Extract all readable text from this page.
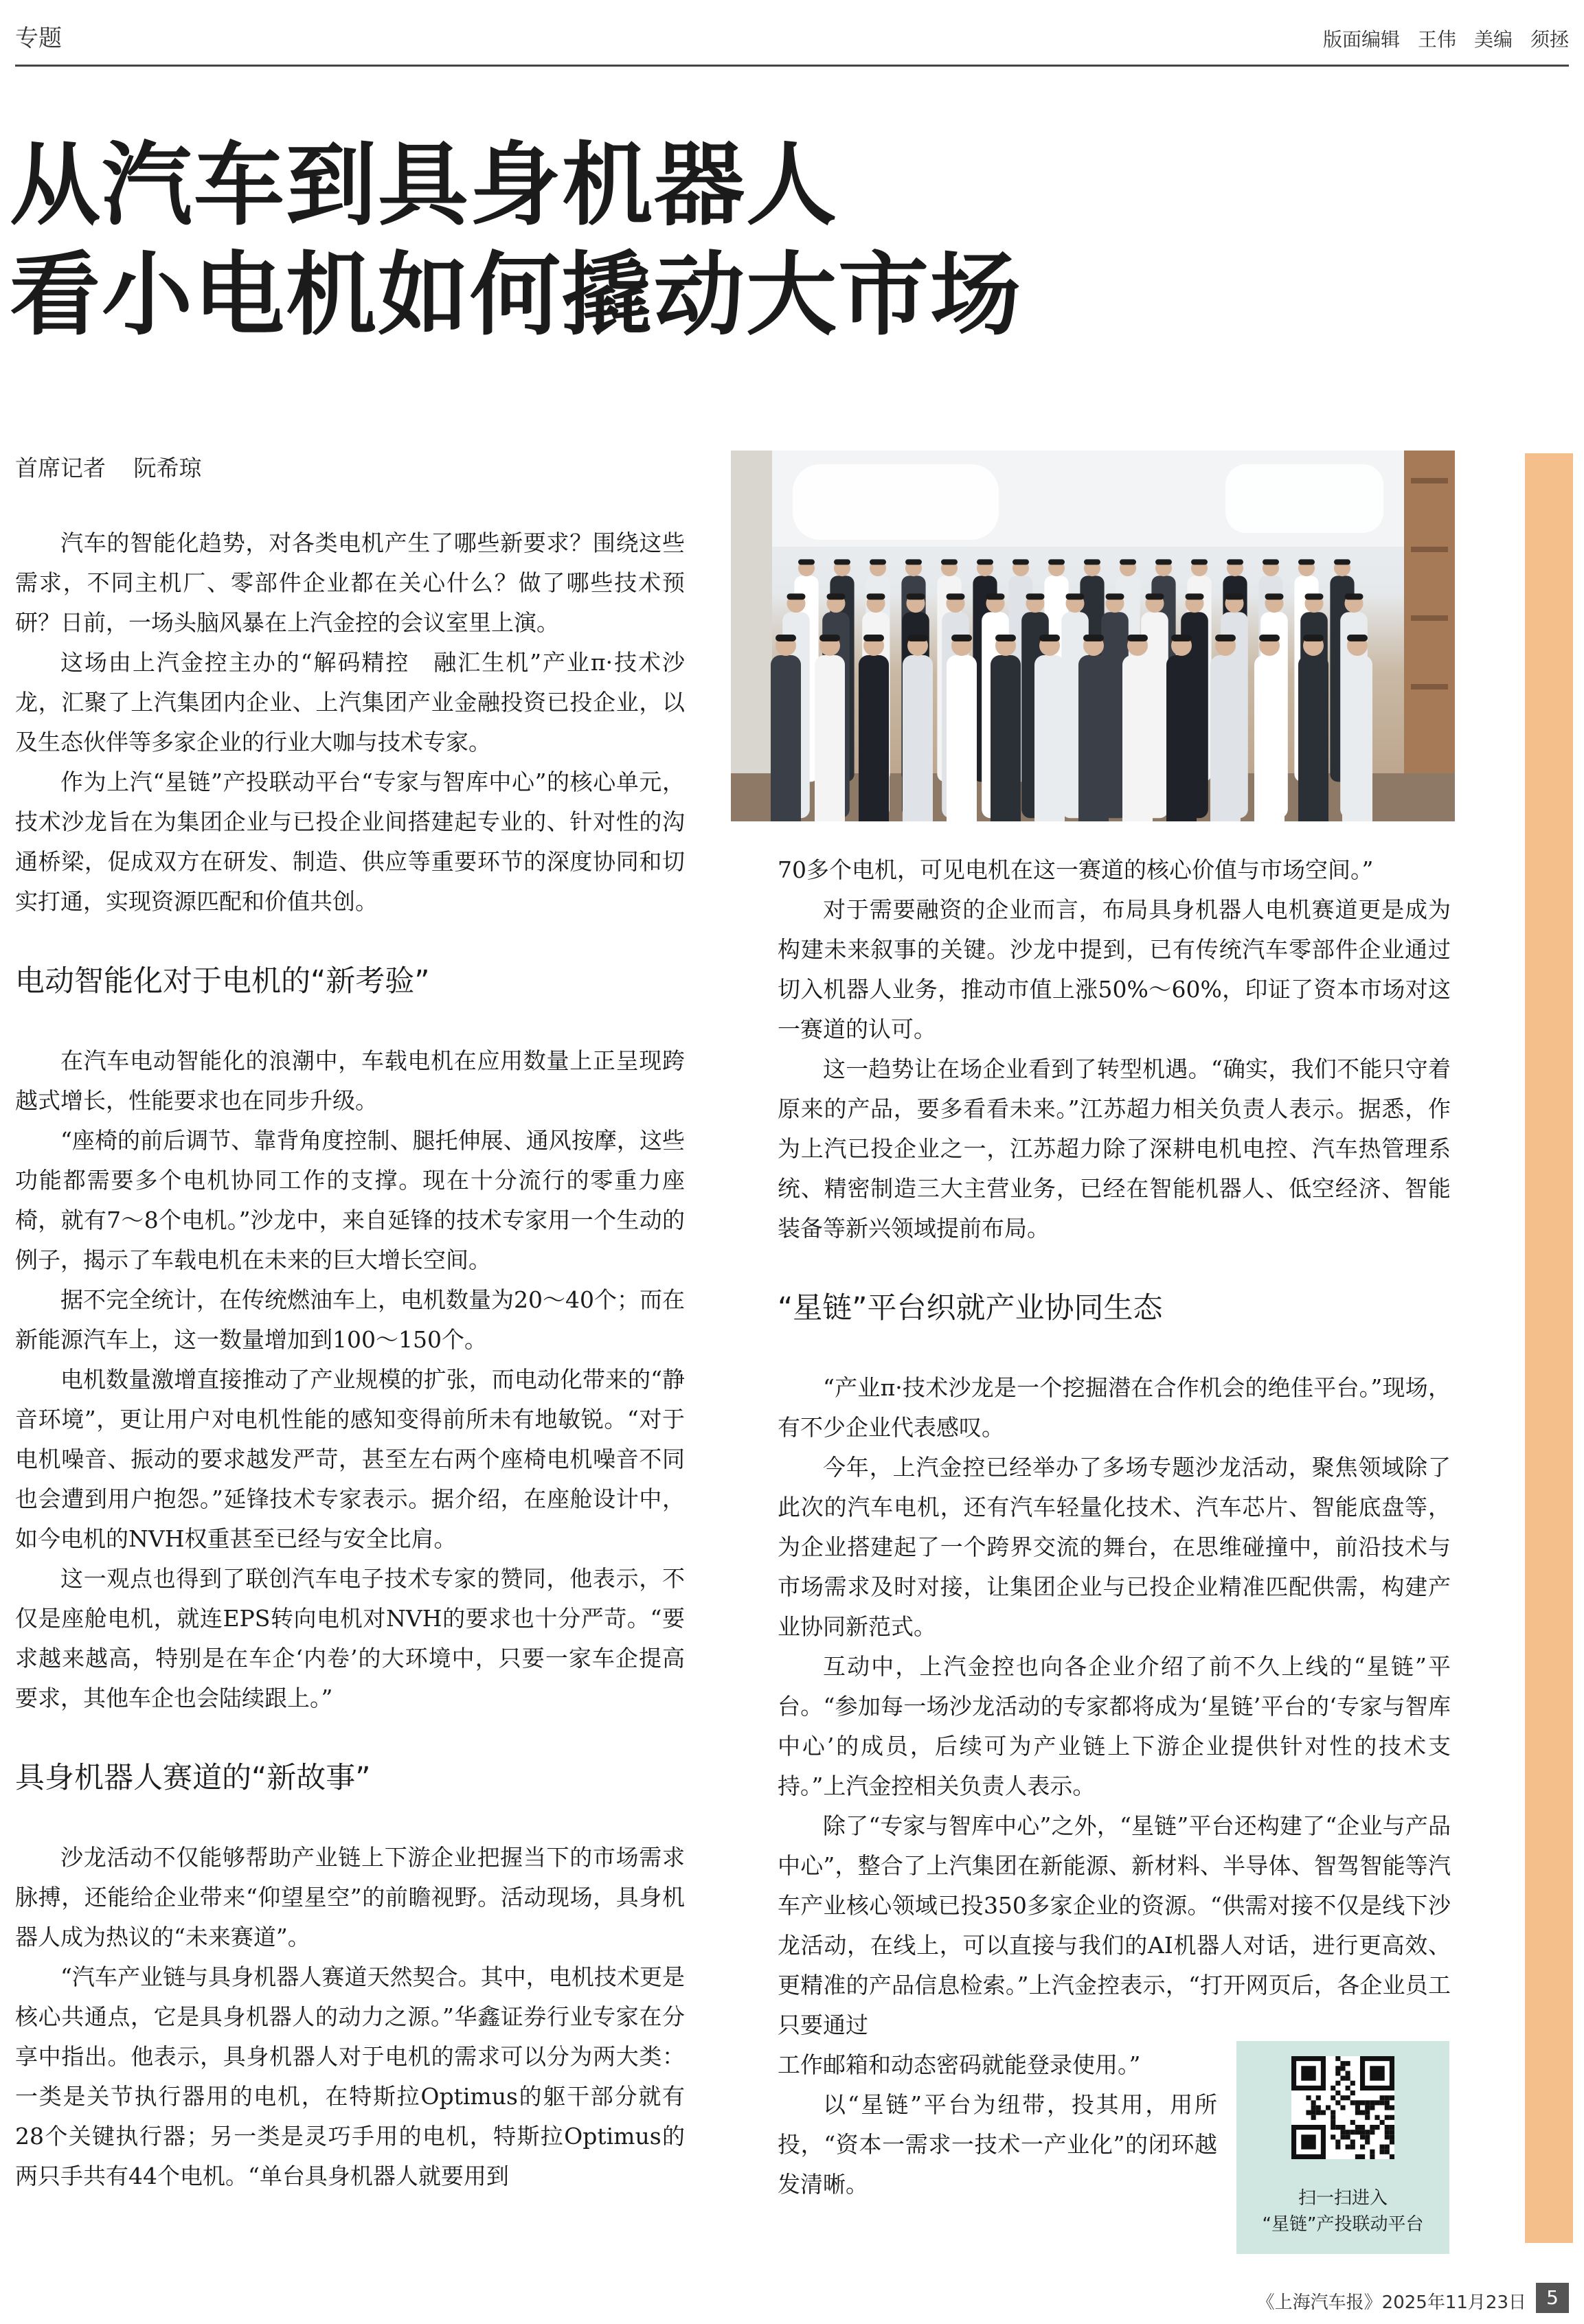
专题	版面编辑 王伟 美编 须拯
从汽车到具身机器人
看小电机如何撬动大市场
首席记者 阮希琼

汽车的智能化趋势，对各类电机产生了哪些新要求？围绕这些需求，不同主机厂、零部件企业都在关心什么？做了哪些技术预研？日前，一场头脑风暴在上汽金控的会议室里上演。

这场由上汽金控主办的“解码精控　融汇生机”产业π·技术沙龙，汇聚了上汽集团内企业、上汽集团产业金融投资已投企业，以及生态伙伴等多家企业的行业大咖与技术专家。

作为上汽“星链”产投联动平台“专家与智库中心”的核心单元，技术沙龙旨在为集团企业与已投企业间搭建起专业的、针对性的沟通桥梁，促成双方在研发、制造、供应等重要环节的深度协同和切实打通，实现资源匹配和价值共创。

电动智能化对于电机的“新考验”

在汽车电动智能化的浪潮中，车载电机在应用数量上正呈现跨越式增长，性能要求也在同步升级。

“座椅的前后调节、靠背角度控制、腿托伸展、通风按摩，这些功能都需要多个电机协同工作的支撑。现在十分流行的零重力座椅，就有7～8个电机。”沙龙中，来自延锋的技术专家用一个生动的例子，揭示了车载电机在未来的巨大增长空间。

据不完全统计，在传统燃油车上，电机数量为20～40个；而在新能源汽车上，这一数量增加到100～150个。

电机数量激增直接推动了产业规模的扩张，而电动化带来的“静音环境”，更让用户对电机性能的感知变得前所未有地敏锐。“对于电机噪音、振动的要求越发严苛，甚至左右两个座椅电机噪音不同也会遭到用户抱怨。”延锋技术专家表示。据介绍，在座舱设计中，如今电机的NVH权重甚至已经与安全比肩。

这一观点也得到了联创汽车电子技术专家的赞同，他表示，不仅是座舱电机，就连EPS转向电机对NVH的要求也十分严苛。“要求越来越高，特别是在车企‘内卷’的大环境中，只要一家车企提高要求，其他车企也会陆续跟上。”

具身机器人赛道的“新故事”

沙龙活动不仅能够帮助产业链上下游企业把握当下的市场需求脉搏，还能给企业带来“仰望星空”的前瞻视野。活动现场，具身机器人成为热议的“未来赛道”。

“汽车产业链与具身机器人赛道天然契合。其中，电机技术更是核心共通点，它是具身机器人的动力之源。”华鑫证券行业专家在分享中指出。他表示，具身机器人对于电机的需求可以分为两大类：一类是关节执行器用的电机，在特斯拉Optimus的躯干部分就有28个关键执行器；另一类是灵巧手用的电机，特斯拉Optimus的两只手共有44个电机。“单台具身机器人就要用到

70多个电机，可见电机在这一赛道的核心价值与市场空间。”

对于需要融资的企业而言，布局具身机器人电机赛道更是成为构建未来叙事的关键。沙龙中提到，已有传统汽车零部件企业通过切入机器人业务，推动市值上涨50%～60%，印证了资本市场对这一赛道的认可。

这一趋势让在场企业看到了转型机遇。“确实，我们不能只守着原来的产品，要多看看未来。”江苏超力相关负责人表示。据悉，作为上汽已投企业之一，江苏超力除了深耕电机电控、汽车热管理系统、精密制造三大主营业务，已经在智能机器人、低空经济、智能装备等新兴领域提前布局。

“星链”平台织就产业协同生态

“产业π·技术沙龙是一个挖掘潜在合作机会的绝佳平台。”现场，有不少企业代表感叹。

今年，上汽金控已经举办了多场专题沙龙活动，聚焦领域除了此次的汽车电机，还有汽车轻量化技术、汽车芯片、智能底盘等，为企业搭建起了一个跨界交流的舞台，在思维碰撞中，前沿技术与市场需求及时对接，让集团企业与已投企业精准匹配供需，构建产业协同新范式。

互动中，上汽金控也向各企业介绍了前不久上线的“星链”平台。“参加每一场沙龙活动的专家都将成为‘星链’平台的‘专家与智库中心’的成员，后续可为产业链上下游企业提供针对性的技术支持。”上汽金控相关负责人表示。

除了“专家与智库中心”之外，“星链”平台还构建了“企业与产品中心”，整合了上汽集团在新能源、新材料、半导体、智驾智能等汽车产业核心领域已投350多家企业的资源。“供需对接不仅是线下沙龙活动，在线上，可以直接与我们的AI机器人对话，进行更高效、更精准的产品信息检索。”上汽金控表示，“打开网页后，各企业员工只要通过

工作邮箱和动态密码就能登录使用。”

以“星链”平台为纽带，投其用，用所投，“资本一需求一技术一产业化”的闭环越发清晰。

扫一扫进入
“星链”产投联动平台
《上海汽车报》2025年11月23日	5
